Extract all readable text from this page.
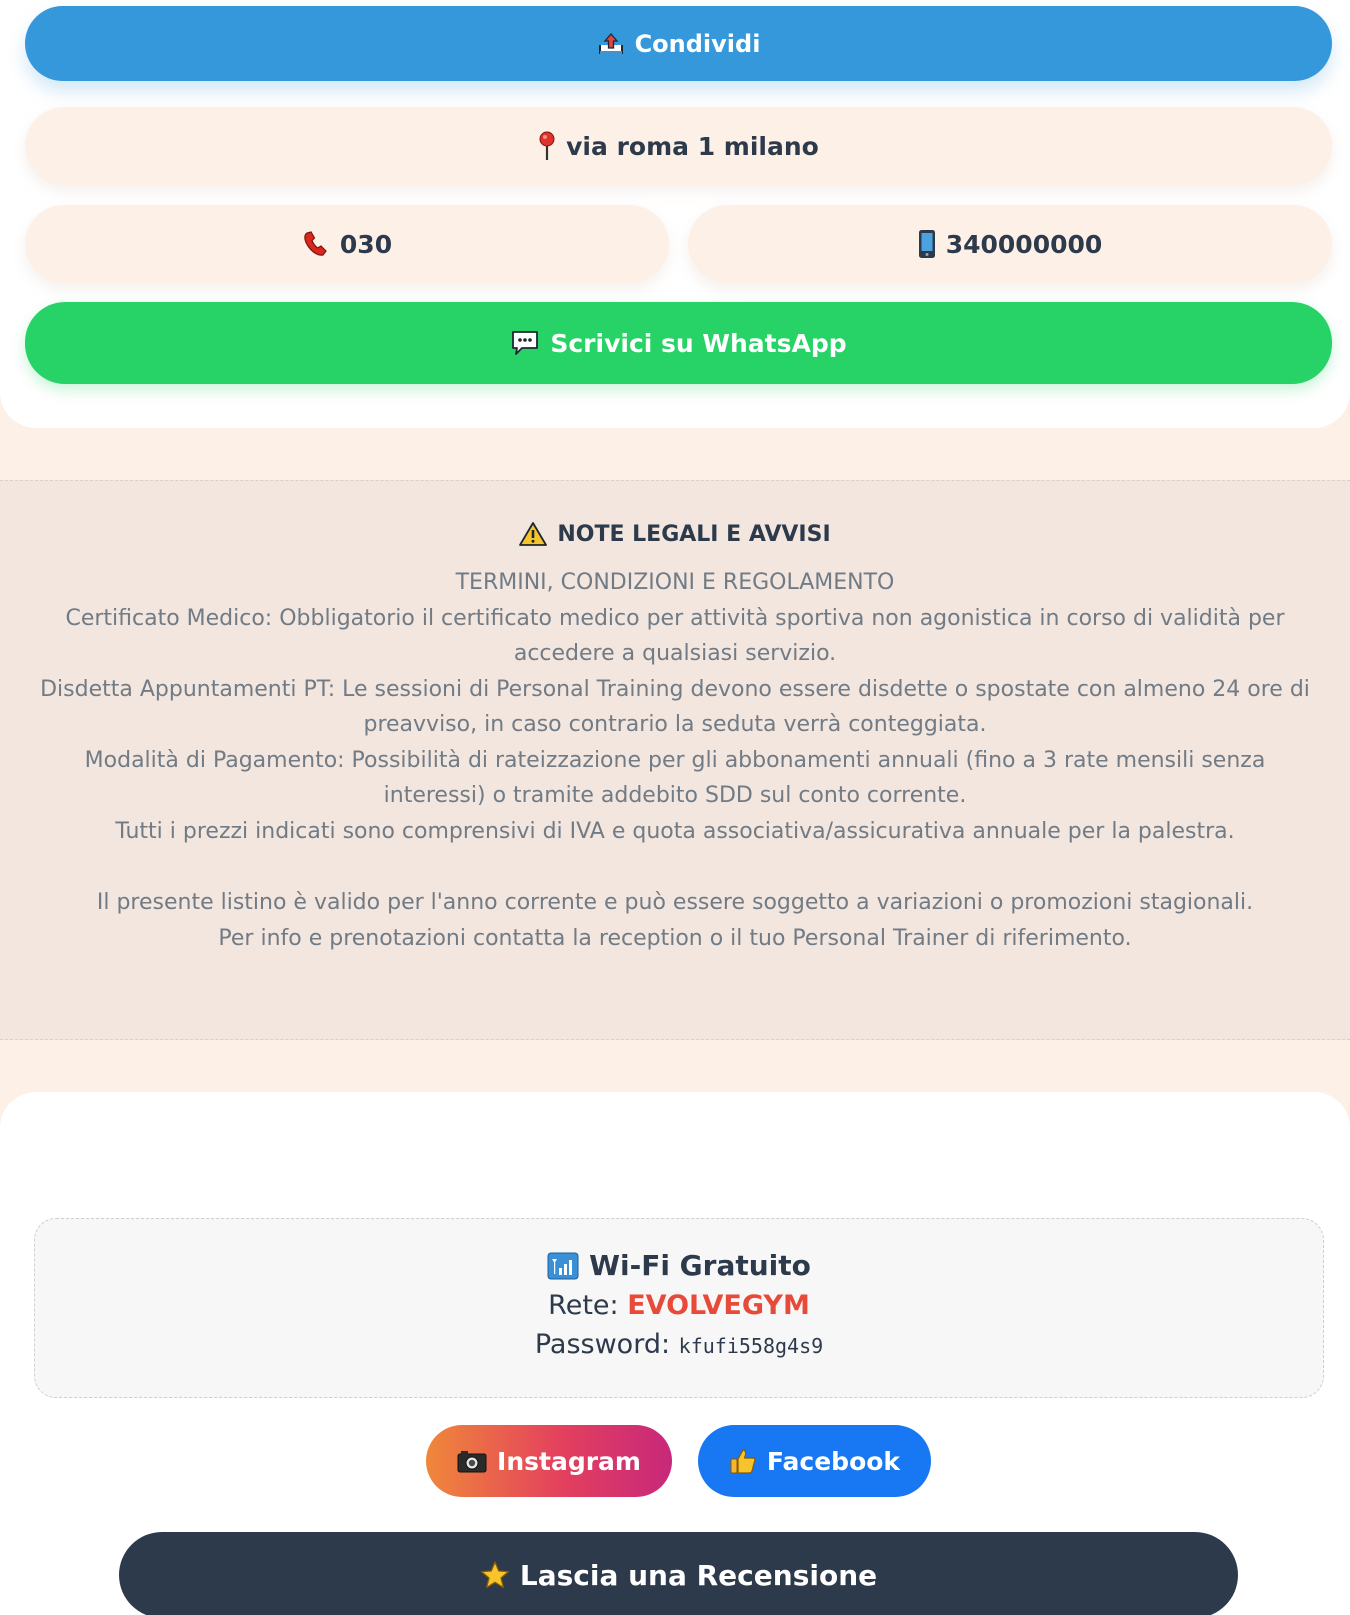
Condividi
via roma 1 milano
030	340000000
Scrivici su WhatsApp
NOTE LEGALI E AVVISI

TERMINI, CONDIZIONI E REGOLAMENTO

Certificato Medico: Obbligatorio il certificato medico per attività sportiva non agonistica in corso di validità per

accedere a qualsiasi servizio.

Disdetta Appuntamenti PT: Le sessioni di Personal Training devono essere disdette o spostate con almeno 24 ore di preavviso, in caso contrario la seduta verrà conteggiata.

Modalità di Pagamento: Possibilità di rateizzazione per gli abbonamenti annuali (fino a 3 rate mensili senza interessi) o tramite addebito SDD sul conto corrente.

Tutti i prezzi indicati sono comprensivi di IVA e quota associativa/assicurativa annuale per la palestra.

Il presente listino è valido per l'anno corrente e può essere soggetto a variazioni o promozioni stagionali.

Per info e prenotazioni contatta la reception o il tuo Personal Trainer di riferimento.

Wi-Fi Gratuito
Rete: EVOLVEGYM
Password: kfufi558g4s9
Instagram	Facebook
Lascia una Recensione
